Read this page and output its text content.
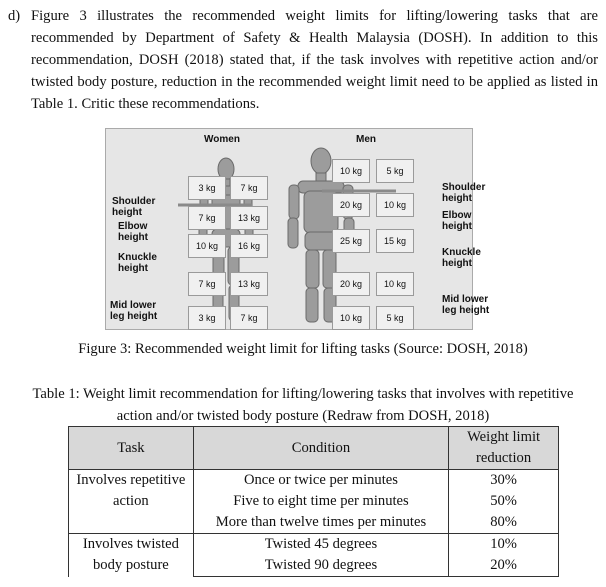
d) Figure 3 illustrates the recommended weight limits for lifting/lowering tasks that are recommended by Department of Safety & Health Malaysia (DOSH). In addition to this recommendation, DOSH (2018) stated that, if the task involves with repetitive action and/or twisted body posture, reduction in the recommended weight limit need to be applied as listed in Table 1. Critic these recommendations.
Women	Men
Shoulder height
Elbow height
Knuckle height
Mid lower leg height
Shoulder height
Elbow height
Knuckle height
Mid lower leg height
3 kg	7 kg
7 kg	13 kg
10 kg	16 kg
7 kg	13 kg
3 kg	7 kg
10 kg	5 kg
20 kg	10 kg
25 kg	15 kg
20 kg	10 kg
10 kg	5 kg
Figure 3: Recommended weight limit for lifting tasks (Source: DOSH, 2018)
Table 1: Weight limit recommendation for lifting/lowering tasks that involves with repetitive action and/or twisted body posture (Redraw from DOSH, 2018)
Task	Condition	Weight limit reduction
Involves repetitive action	Once or twice per minutes	30%
	Five to eight time per minutes	50%
	More than twelve times per minutes	80%
Involves twisted body posture	Twisted 45 degrees	10%
	Twisted 90 degrees	20%
